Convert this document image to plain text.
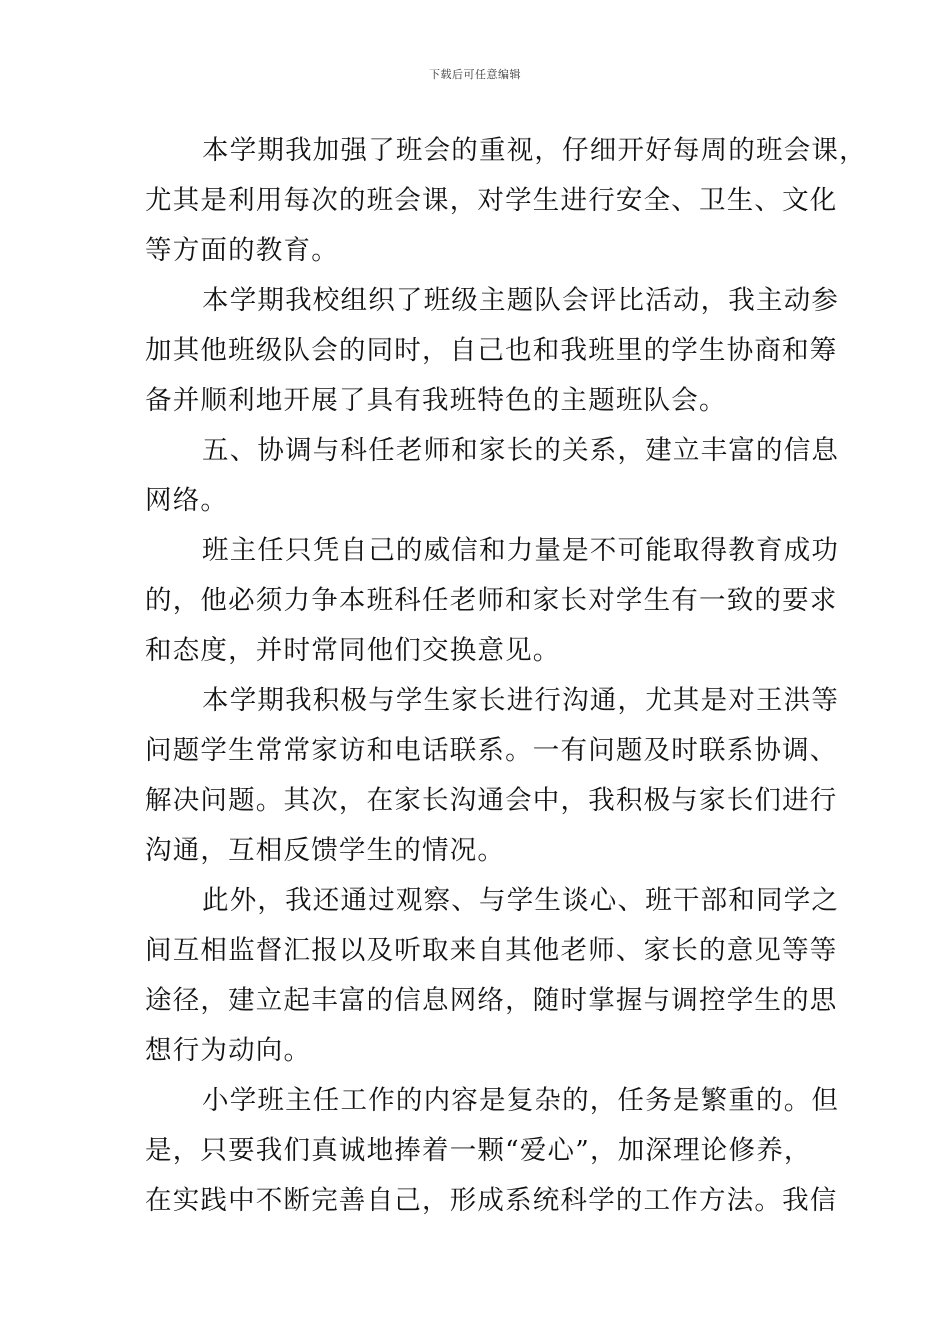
下载后可任意编辑
本学期我加强了班会的重视，仔细开好每周的班会课，
尤其是利用每次的班会课，对学生进行安全、卫生、文化
等方面的教育。
本学期我校组织了班级主题队会评比活动，我主动参
加其他班级队会的同时，自己也和我班里的学生协商和筹
备并顺利地开展了具有我班特色的主题班队会。
五、协调与科任老师和家长的关系，建立丰富的信息
网络。
班主任只凭自己的威信和力量是不可能取得教育成功
的，他必须力争本班科任老师和家长对学生有一致的要求
和态度，并时常同他们交换意见。
本学期我积极与学生家长进行沟通，尤其是对王洪等
问题学生常常家访和电话联系。一有问题及时联系协调、
解决问题。其次，在家长沟通会中，我积极与家长们进行
沟通，互相反馈学生的情况。
此外，我还通过观察、与学生谈心、班干部和同学之
间互相监督汇报以及听取来自其他老师、家长的意见等等
途径，建立起丰富的信息网络，随时掌握与调控学生的思
想行为动向。
小学班主任工作的内容是复杂的，任务是繁重的。但
是，只要我们真诚地捧着一颗“爱心”，加深理论修养，
在实践中不断完善自己，形成系统科学的工作方法。我信
